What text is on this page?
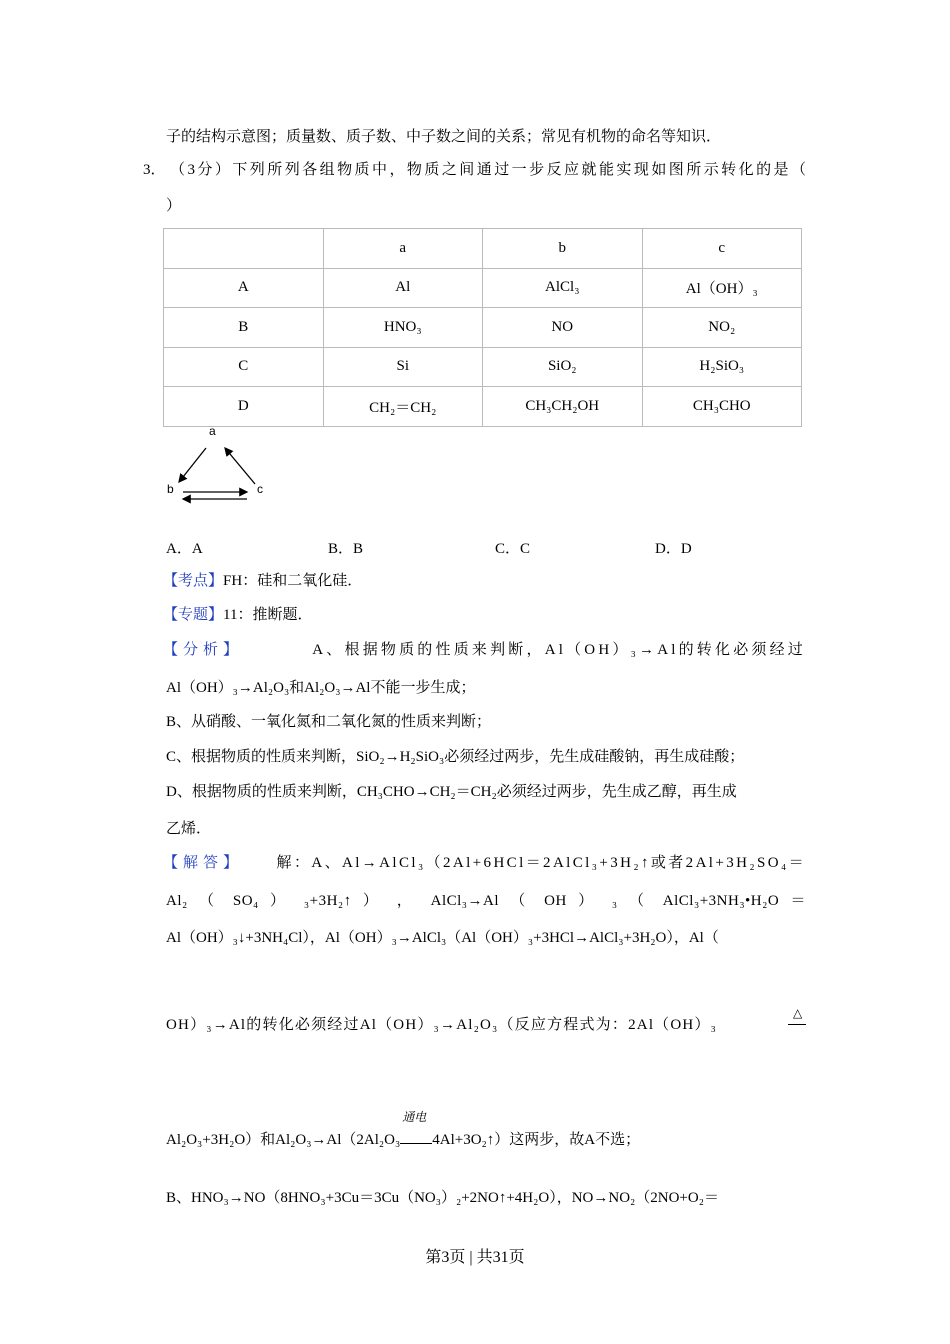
子的结构示意图；质量数、质子数、中子数之间的关系；常见有机物的命名等知识．
3． （3分）下列所列各组物质中，物质之间通过一步反应就能实现如图所示转化的是（
）
	a	b	c
A	Al	AlCl₃	Al（OH）₃
B	HNO₃	NO	NO₂
C	Si	SiO₂	H₂SiO₃
D	CH₂＝CH₂	CH₃CH₂OH	CH₃CHO
a
b	c
A．A	B．B	C．C	D．D
【考点】FH：硅和二氧化硅．
【专题】11：推断题．
【分析】	A、根据物质的性质来判断，Al（OH）₃→Al的转化必须经过
Al（OH）₃→Al₂O₃和Al₂O₃→Al不能一步生成；
B、从硝酸、一氧化氮和二氧化氮的性质来判断；
C、根据物质的性质来判断，SiO₂→H₂SiO₃必须经过两步，先生成硅酸钠，再生成硅酸；
D、根据物质的性质来判断，CH₃CHO→CH₂＝CH₂必须经过两步，先生成乙醇，再生成
乙烯．
【解答】 解：A、Al→AlCl₃（2Al+6HCl＝2AlCl₃+3H₂↑或者2Al+3H₂SO₄＝
Al₂ （ SO₄ ） ₃+3H₂↑ ） ， AlCl₃→Al （ OH ） ₃ （ AlCl₃+3NH₃•H₂O ＝
Al（OH）₃↓+3NH₄Cl），Al（OH）₃→AlCl₃（Al（OH）₃+3HCl→AlCl₃+3H₂O），Al（
OH）₃→Al的转化必须经过Al（OH）₃→Al₂O₃（反应方程式为：2Al（OH）₃
△
Al₂O₃+3H₂O）和Al₂O₃→Al（2Al₂O₃
通电
4Al+3O₂↑）这两步，故A不选；
B、HNO₃→NO（8HNO₃+3Cu＝3Cu（NO₃）₂+2NO↑+4H₂O），NO→NO₂（2NO+O₂＝
第3页 | 共31页
